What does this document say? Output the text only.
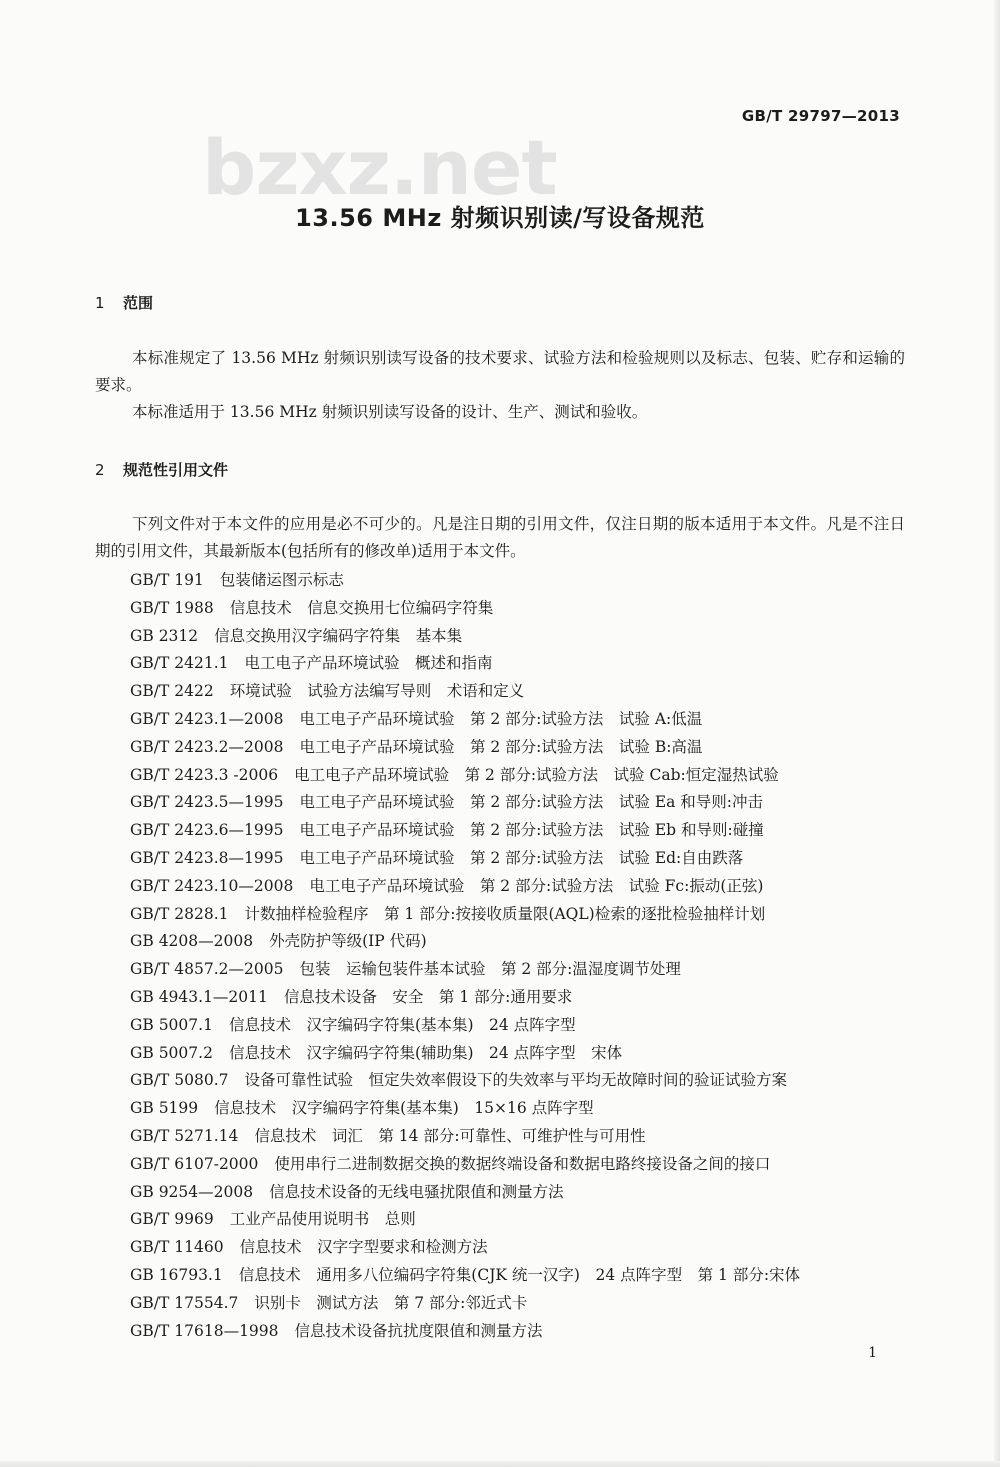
GB/T 29797—2013
bzxz.net
13.56 MHz 射频识别读/写设备规范
1 范围
本标准规定了 13.56 MHz 射频识别读写设备的技术要求、试验方法和检验规则以及标志、包装、贮存和运输的要求。
本标准适用于 13.56 MHz 射频识别读写设备的设计、生产、测试和验收。
2 规范性引用文件
下列文件对于本文件的应用是必不可少的。凡是注日期的引用文件，仅注日期的版本适用于本文件。凡是不注日期的引用文件，其最新版本(包括所有的修改单)适用于本文件。
GB/T 191 包装储运图示标志
GB/T 1988 信息技术　信息交换用七位编码字符集
GB 2312 信息交换用汉字编码字符集　基本集
GB/T 2421.1 电工电子产品环境试验　概述和指南
GB/T 2422 环境试验　试验方法编写导则　术语和定义
GB/T 2423.1—2008 电工电子产品环境试验　第 2 部分:试验方法　试验 A:低温
GB/T 2423.2—2008 电工电子产品环境试验　第 2 部分:试验方法　试验 B:高温
GB/T 2423.3 -2006 电工电子产品环境试验　第 2 部分:试验方法　试验 Cab:恒定湿热试验
GB/T 2423.5—1995 电工电子产品环境试验　第 2 部分:试验方法　试验 Ea 和导则:冲击
GB/T 2423.6—1995 电工电子产品环境试验　第 2 部分:试验方法　试验 Eb 和导则:碰撞
GB/T 2423.8—1995 电工电子产品环境试验　第 2 部分:试验方法　试验 Ed:自由跌落
GB/T 2423.10—2008 电工电子产品环境试验　第 2 部分:试验方法　试验 Fc:振动(正弦)
GB/T 2828.1 计数抽样检验程序　第 1 部分:按接收质量限(AQL)检索的逐批检验抽样计划
GB 4208—2008 外壳防护等级(IP 代码)
GB/T 4857.2—2005 包装　运输包装件基本试验　第 2 部分:温湿度调节处理
GB 4943.1—2011 信息技术设备　安全　第 1 部分:通用要求
GB 5007.1 信息技术　汉字编码字符集(基本集)　24 点阵字型
GB 5007.2 信息技术　汉字编码字符集(辅助集)　24 点阵字型　宋体
GB/T 5080.7 设备可靠性试验　恒定失效率假设下的失效率与平均无故障时间的验证试验方案
GB 5199 信息技术　汉字编码字符集(基本集)　15×16 点阵字型
GB/T 5271.14 信息技术　词汇　第 14 部分:可靠性、可维护性与可用性
GB/T 6107-2000 使用串行二进制数据交换的数据终端设备和数据电路终接设备之间的接口
GB 9254—2008 信息技术设备的无线电骚扰限值和测量方法
GB/T 9969 工业产品使用说明书　总则
GB/T 11460 信息技术　汉字字型要求和检测方法
GB 16793.1 信息技术　通用多八位编码字符集(CJK 统一汉字)　24 点阵字型　第 1 部分:宋体
GB/T 17554.7 识别卡　测试方法　第 7 部分:邻近式卡
GB/T 17618—1998 信息技术设备抗扰度限值和测量方法
1
